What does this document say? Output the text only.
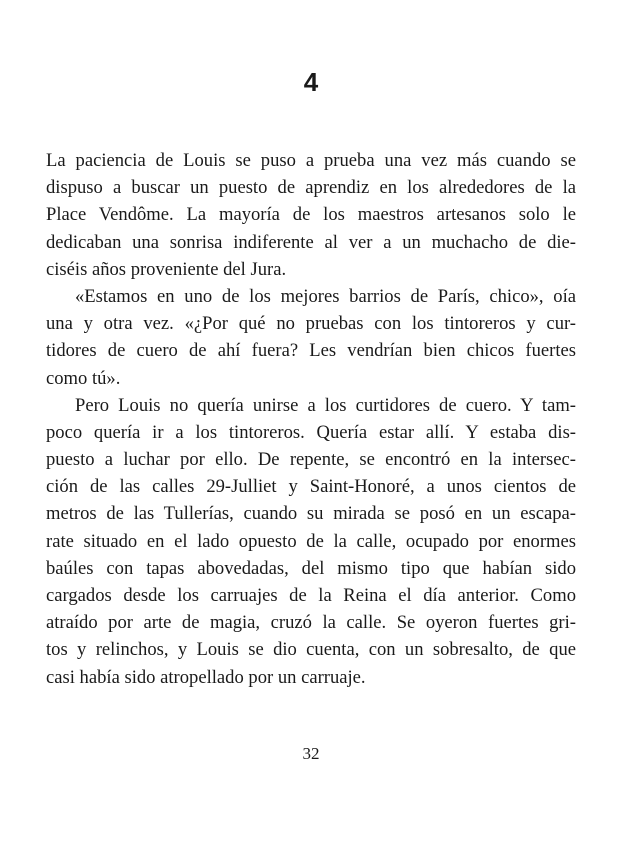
4
La paciencia de Louis se puso a prueba una vez más cuando se
dispuso a buscar un puesto de aprendiz en los alrededores de la
Place Vendôme. La mayoría de los maestros artesanos solo le
dedicaban una sonrisa indiferente al ver a un muchacho de die-
ciséis años proveniente del Jura.
«Estamos en uno de los mejores barrios de París, chico», oía
una y otra vez. «¿Por qué no pruebas con los tintoreros y cur-
tidores de cuero de ahí fuera? Les vendrían bien chicos fuertes
como tú».
Pero Louis no quería unirse a los curtidores de cuero. Y tam-
poco quería ir a los tintoreros. Quería estar allí. Y estaba dis-
puesto a luchar por ello. De repente, se encontró en la intersec-
ción de las calles 29-Julliet y Saint-Honoré, a unos cientos de
metros de las Tullerías, cuando su mirada se posó en un escapa-
rate situado en el lado opuesto de la calle, ocupado por enormes
baúles con tapas abovedadas, del mismo tipo que habían sido
cargados desde los carruajes de la Reina el día anterior. Como
atraído por arte de magia, cruzó la calle. Se oyeron fuertes gri-
tos y relinchos, y Louis se dio cuenta, con un sobresalto, de que
casi había sido atropellado por un carruaje.
32
